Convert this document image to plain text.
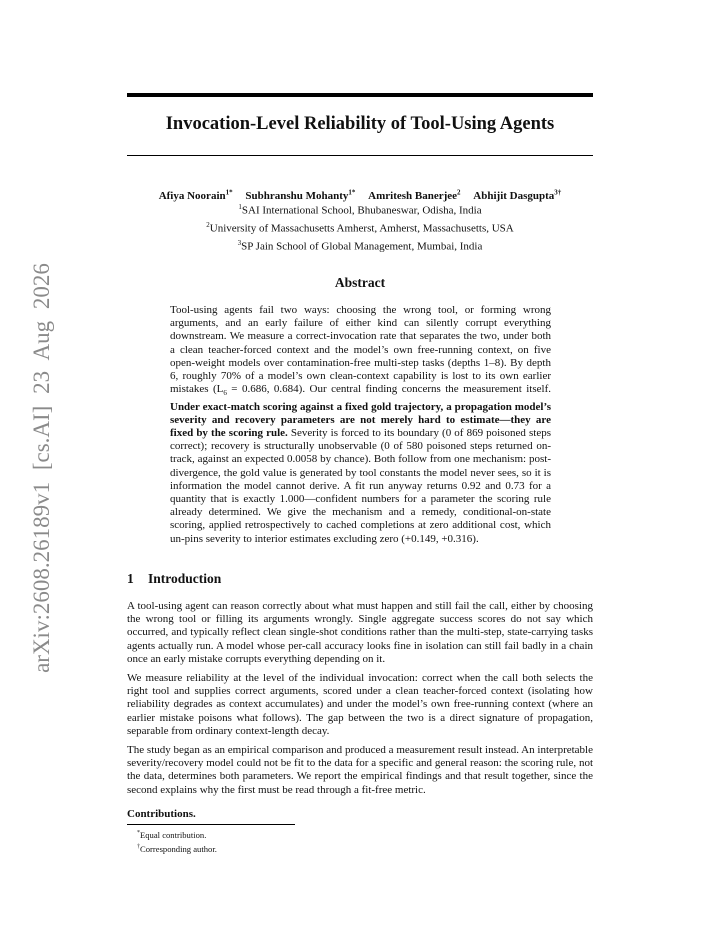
arXiv:2608.26189v1 [cs.AI] 23 Aug 2026
Invocation-Level Reliability of Tool-Using Agents
Afiya Noorain$^{1*}$ Subhranshu Mohanty$^{1*}$ Amritesh Banerjee$^2$ Abhijit Dasgupta$^{3\dagger}$
$^1$SAI International School, Bhubaneswar, Odisha, India
$^2$University of Massachusetts Amherst, Amherst, Massachusetts, USA
$^3$SP Jain School of Global Management, Mumbai, India
Abstract

Tool-using agents fail two ways: choosing the wrong tool, or forming wrong arguments, and an early failure of either kind can silently corrupt everything downstream. We measure a correct-invocation rate that separates the two, under both a clean teacher-forced context and the model’s own free-running context, on five open-weight models over contamination-free multi-step tasks (depths 1–8). By depth 6, roughly 70% of a model’s own clean-context capability is lost to its own earlier mistakes ($L_6 = 0.686$, 0.684). Our central finding concerns the measurement itself. Under exact-match scoring against a fixed gold trajectory, a propagation model’s severity and recovery parameters are not merely hard to estimate—they are fixed by the scoring rule. Severity is forced to its boundary (0 of 869 poisoned steps correct); recovery is structurally unobservable (0 of 580 poisoned steps returned on-track, against an expected 0.0058 by chance). Both follow from one mechanism: post-divergence, the gold value is generated by tool constants the model never sees, so it is information the model cannot derive. A fit run anyway returns 0.92 and 0.73 for a quantity that is exactly 1.000—confident numbers for a parameter the scoring rule already determined. We give the mechanism and a remedy, conditional-on-state scoring, applied retrospectively to cached completions at zero additional cost, which un-pins severity to interior estimates excluding zero (+0.149, +0.316).

1 Introduction

A tool-using agent can reason correctly about what must happen and still fail the call, either by choosing the wrong tool or filling its arguments wrongly. Single aggregate success scores do not say which occurred, and typically reflect clean single-shot conditions rather than the multi-step, state-carrying tasks agents actually run. A model whose per-call accuracy looks fine in isolation can still fail badly in a chain once an early mistake corrupts everything depending on it.

We measure reliability at the level of the individual invocation: correct when the call both selects the right tool and supplies correct arguments, scored under a clean teacher-forced context (isolating how reliability degrades as context accumulates) and under the model’s own free-running context (where an earlier mistake poisons what follows). The gap between the two is a direct signature of propagation, separable from ordinary context-length decay.

The study began as an empirical comparison and produced a measurement result instead. An interpretable severity/recovery model could not be fit to the data for a specific and general reason: the scoring rule, not the data, determines both parameters. We report the empirical findings and that result together, since the second explains why the first must be read through a fit-free metric.

Contributions.
*Equal contribution.
†Corresponding author.
